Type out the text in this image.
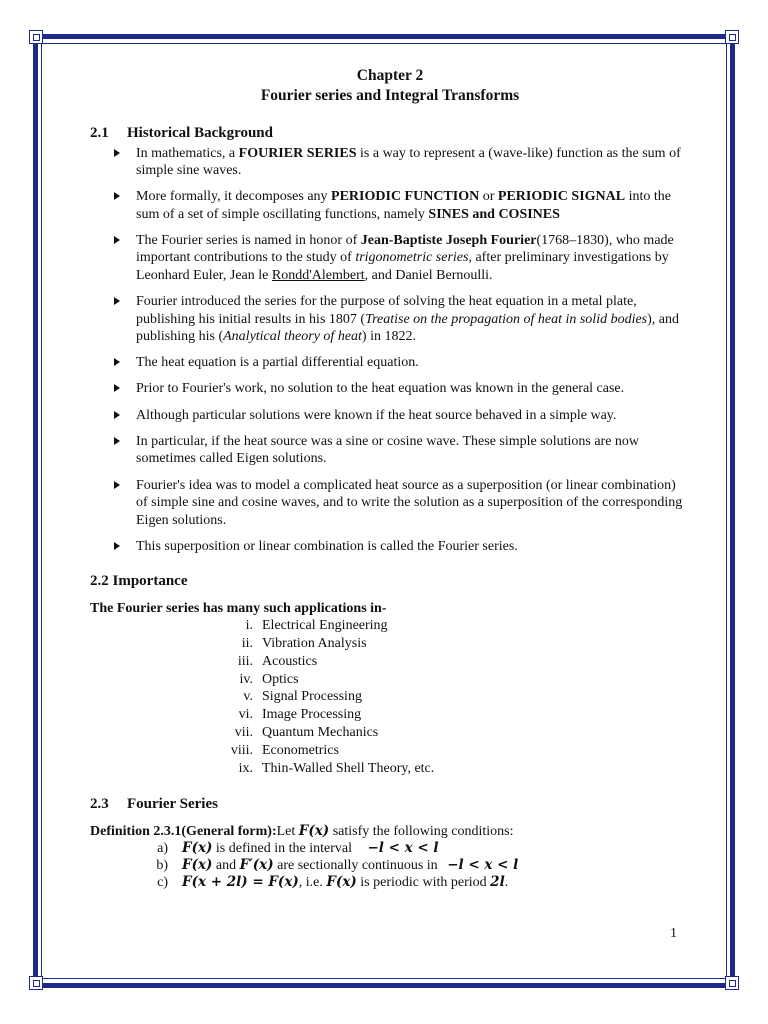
Chapter 2
Fourier series and Integral Transforms
2.1 Historical Background
In mathematics, a FOURIER SERIES is a way to represent a (wave-like) function as the sum of simple sine waves.
More formally, it decomposes any PERIODIC FUNCTION or PERIODIC SIGNAL into the sum of a set of simple oscillating functions, namely SINES and COSINES
The Fourier series is named in honor of Jean-Baptiste Joseph Fourier(1768–1830), who made important contributions to the study of trigonometric series, after preliminary investigations by Leonhard Euler, Jean le Rondd'Alembert, and Daniel Bernoulli.
Fourier introduced the series for the purpose of solving the heat equation in a metal plate, publishing his initial results in his 1807 (Treatise on the propagation of heat in solid bodies), and publishing his (Analytical theory of heat) in 1822.
The heat equation is a partial differential equation.
Prior to Fourier's work, no solution to the heat equation was known in the general case.
Although particular solutions were known if the heat source behaved in a simple way.
In particular, if the heat source was a sine or cosine wave. These simple solutions are now sometimes called Eigen solutions.
Fourier's idea was to model a complicated heat source as a superposition (or linear combination) of simple sine and cosine waves, and to write the solution as a superposition of the corresponding Eigen solutions.
This superposition or linear combination is called the Fourier series.
2.2 Importance
The Fourier series has many such applications in-
i. Electrical Engineering
ii. Vibration Analysis
iii. Acoustics
iv. Optics
v. Signal Processing
vi. Image Processing
vii. Quantum Mechanics
viii. Econometrics
ix. Thin-Walled Shell Theory, etc.
2.3 Fourier Series
Definition 2.3.1(General form):Let F(x) satisfy the following conditions:
a)	F(x) is defined in the interval −l < x < l
b)	F(x) and F′(x) are sectionally continuous in −l < x < l
c)	F(x + 2l) = F(x), i.e. F(x) is periodic with period 2l.
1
